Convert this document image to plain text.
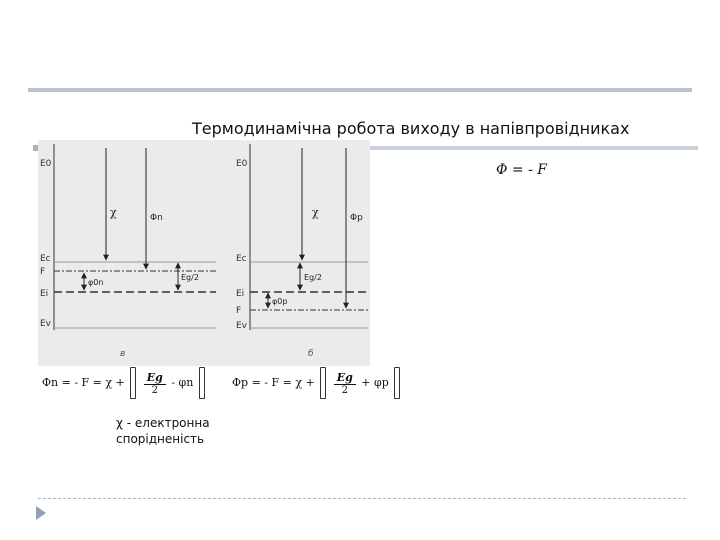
Термодинамічна робота виходу в напівпровідниках
Φ = - F
E0
Ec
F
Ei
Ev
χ	Φn
Eg/2
φ0n
в
E0
Ec
Ei
F
Ev
χ	Φp
Eg/2
φ0p
б
Φn = - $F = \chi + \frac{Eg}{2} - \varphi n$	Φp = - $F = \chi + \frac{Eg}{2} + \varphi p$
χ - електронна
спорідненість
